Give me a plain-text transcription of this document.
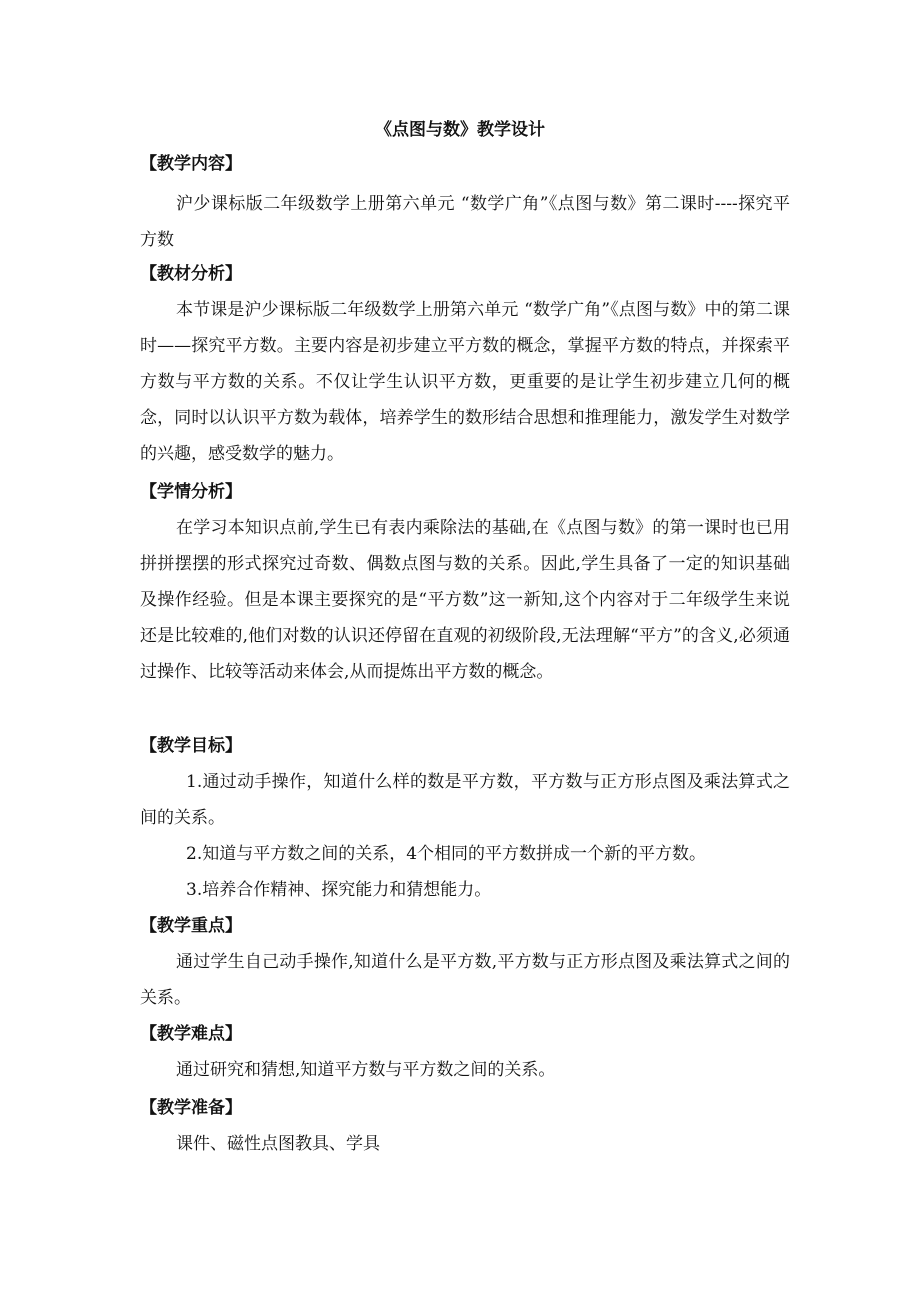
《点图与数》教学设计
【教学内容】

沪少课标版二年级数学上册第六单元 “数学广角”《点图与数》第二课时----探究平方数

【教材分析】

本节课是沪少课标版二年级数学上册第六单元 “数学广角”《点图与数》中的第二课时——探究平方数。主要内容是初步建立平方数的概念，掌握平方数的特点，并探索平方数与平方数的关系。不仅让学生认识平方数，更重要的是让学生初步建立几何的概念，同时以认识平方数为载体，培养学生的数形结合思想和推理能力，激发学生对数学的兴趣，感受数学的魅力。

【学情分析】

在学习本知识点前,学生已有表内乘除法的基础,在《点图与数》的第一课时也已用拼拼摆摆的形式探究过奇数、偶数点图与数的关系。因此,学生具备了一定的知识基础及操作经验。但是本课主要探究的是“平方数”这一新知,这个内容对于二年级学生来说还是比较难的,他们对数的认识还停留在直观的初级阶段,无法理解“平方”的含义,必须通过操作、比较等活动来体会,从而提炼出平方数的概念。

【教学目标】

1.通过动手操作，知道什么样的数是平方数，平方数与正方形点图及乘法算式之间的关系。

2.知道与平方数之间的关系，4个相同的平方数拼成一个新的平方数。
3.培养合作精神、探究能力和猜想能力。
【教学重点】

通过学生自己动手操作,知道什么是平方数,平方数与正方形点图及乘法算式之间的关系。

【教学难点】
通过研究和猜想,知道平方数与平方数之间的关系。
【教学准备】
课件、磁性点图教具、学具
